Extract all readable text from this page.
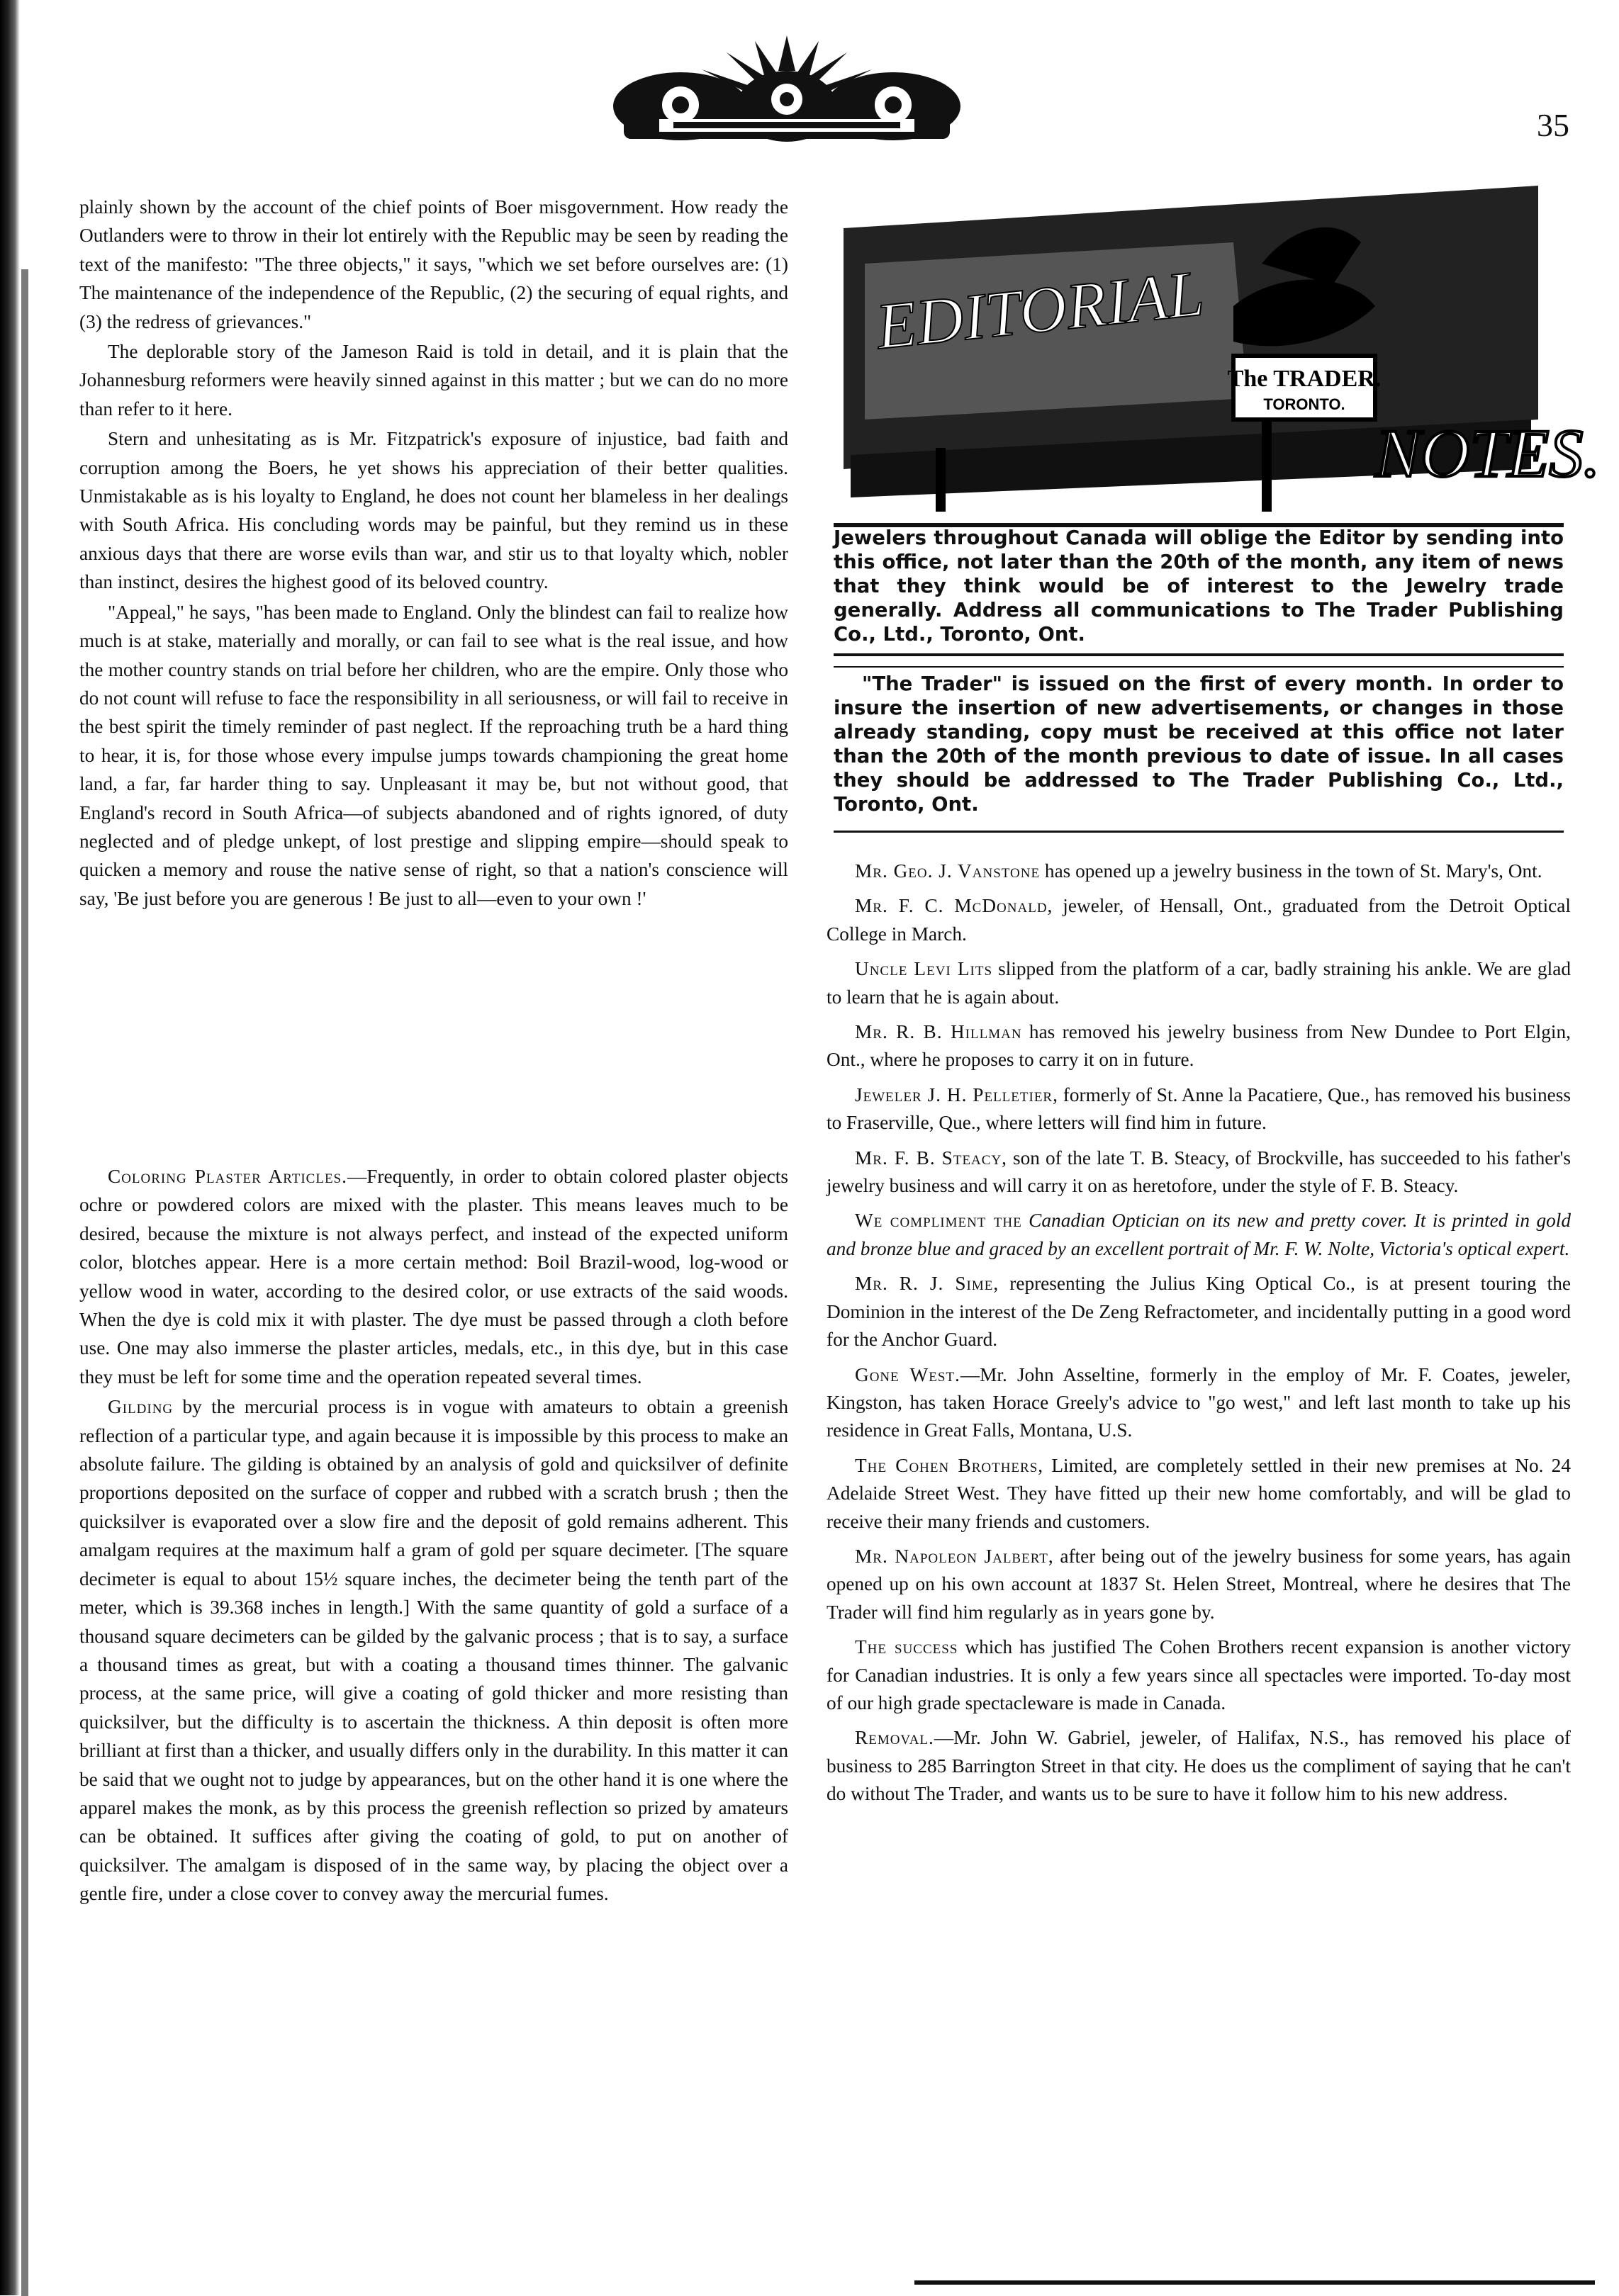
35
The TRADER.
TORONTO.
EDITORIAL
NOTES.

Jewelers throughout Canada will oblige the Editor by sending into this office, not later than the 20th of the month, any item of news that they think would be of interest to the Jewelry trade generally. Address all communications to The Trader Publishing Co., Ltd., Toronto, Ont.

"The Trader" is issued on the first of every month. In order to insure the insertion of new advertisements, or changes in those already standing, copy must be received at this office not later than the 20th of the month previous to date of issue. In all cases they should be addressed to The Trader Publishing Co., Ltd., Toronto, Ont.

plainly shown by the account of the chief points of Boer misgovernment. How ready the Outlanders were to throw in their lot entirely with the Republic may be seen by reading the text of the manifesto: "The three objects," it says, "which we set before ourselves are: (1) The maintenance of the independence of the Republic, (2) the securing of equal rights, and (3) the redress of grievances."

The deplorable story of the Jameson Raid is told in detail, and it is plain that the Johannesburg reformers were heavily sinned against in this matter ; but we can do no more than refer to it here.

Stern and unhesitating as is Mr. Fitzpatrick's exposure of injustice, bad faith and corruption among the Boers, he yet shows his appreciation of their better qualities. Unmistakable as is his loyalty to England, he does not count her blameless in her dealings with South Africa. His concluding words may be painful, but they remind us in these anxious days that there are worse evils than war, and stir us to that loyalty which, nobler than instinct, desires the highest good of its beloved country.

"Appeal," he says, "has been made to England. Only the blindest can fail to realize how much is at stake, materially and morally, or can fail to see what is the real issue, and how the mother country stands on trial before her children, who are the empire. Only those who do not count will refuse to face the responsibility in all seriousness, or will fail to receive in the best spirit the timely reminder of past neglect. If the reproaching truth be a hard thing to hear, it is, for those whose every impulse jumps towards championing the great home land, a far, far harder thing to say. Unpleasant it may be, but not without good, that England's record in South Africa—of subjects abandoned and of rights ignored, of duty neglected and of pledge unkept, of lost prestige and slipping empire—should speak to quicken a memory and rouse the native sense of right, so that a nation's conscience will say, 'Be just before you are generous ! Be just to all—even to your own !'

Coloring Plaster Articles.—Frequently, in order to obtain colored plaster objects ochre or powdered colors are mixed with the plaster. This means leaves much to be desired, because the mixture is not always perfect, and instead of the expected uniform color, blotches appear. Here is a more certain method: Boil Brazil-wood, log-wood or yellow wood in water, according to the desired color, or use extracts of the said woods. When the dye is cold mix it with plaster. The dye must be passed through a cloth before use. One may also immerse the plaster articles, medals, etc., in this dye, but in this case they must be left for some time and the operation repeated several times.

Gilding by the mercurial process is in vogue with amateurs to obtain a greenish reflection of a particular type, and again because it is impossible by this process to make an absolute failure. The gilding is obtained by an analysis of gold and quicksilver of definite proportions deposited on the surface of copper and rubbed with a scratch brush ; then the quicksilver is evaporated over a slow fire and the deposit of gold remains adherent. This amalgam requires at the maximum half a gram of gold per square decimeter. [The square decimeter is equal to about 15½ square inches, the decimeter being the tenth part of the meter, which is 39.368 inches in length.] With the same quantity of gold a surface of a thousand square decimeters can be gilded by the galvanic process ; that is to say, a surface a thousand times as great, but with a coating a thousand times thinner. The galvanic process, at the same price, will give a coating of gold thicker and more resisting than quicksilver, but the difficulty is to ascertain the thickness. A thin deposit is often more brilliant at first than a thicker, and usually differs only in the durability. In this matter it can be said that we ought not to judge by appearances, but on the other hand it is one where the apparel makes the monk, as by this process the greenish reflection so prized by amateurs can be obtained. It suffices after giving the coating of gold, to put on another of quicksilver. The amalgam is disposed of in the same way, by placing the object over a gentle fire, under a close cover to convey away the mercurial fumes.

Mr. Geo. J. Vanstone has opened up a jewelry business in the town of St. Mary's, Ont.

Mr. F. C. McDonald, jeweler, of Hensall, Ont., graduated from the Detroit Optical College in March.

Uncle Levi Lits slipped from the platform of a car, badly straining his ankle. We are glad to learn that he is again about.

Mr. R. B. Hillman has removed his jewelry business from New Dundee to Port Elgin, Ont., where he proposes to carry it on in future.

Jeweler J. H. Pelletier, formerly of St. Anne la Pacatiere, Que., has removed his business to Fraserville, Que., where letters will find him in future.

Mr. F. B. Steacy, son of the late T. B. Steacy, of Brockville, has succeeded to his father's jewelry business and will carry it on as heretofore, under the style of F. B. Steacy.

We compliment the Canadian Optician on its new and pretty cover. It is printed in gold and bronze blue and graced by an excellent portrait of Mr. F. W. Nolte, Victoria's optical expert.

Mr. R. J. Sime, representing the Julius King Optical Co., is at present touring the Dominion in the interest of the De Zeng Refractometer, and incidentally putting in a good word for the Anchor Guard.

Gone West.—Mr. John Asseltine, formerly in the employ of Mr. F. Coates, jeweler, Kingston, has taken Horace Greely's advice to "go west," and left last month to take up his residence in Great Falls, Montana, U.S.

The Cohen Brothers, Limited, are completely settled in their new premises at No. 24 Adelaide Street West. They have fitted up their new home comfortably, and will be glad to receive their many friends and customers.

Mr. Napoleon Jalbert, after being out of the jewelry business for some years, has again opened up on his own account at 1837 St. Helen Street, Montreal, where he desires that The Trader will find him regularly as in years gone by.

The success which has justified The Cohen Brothers recent expansion is another victory for Canadian industries. It is only a few years since all spectacles were imported. To-day most of our high grade spectacleware is made in Canada.

Removal.—Mr. John W. Gabriel, jeweler, of Halifax, N.S., has removed his place of business to 285 Barrington Street in that city. He does us the compliment of saying that he can't do without The Trader, and wants us to be sure to have it follow him to his new address.
